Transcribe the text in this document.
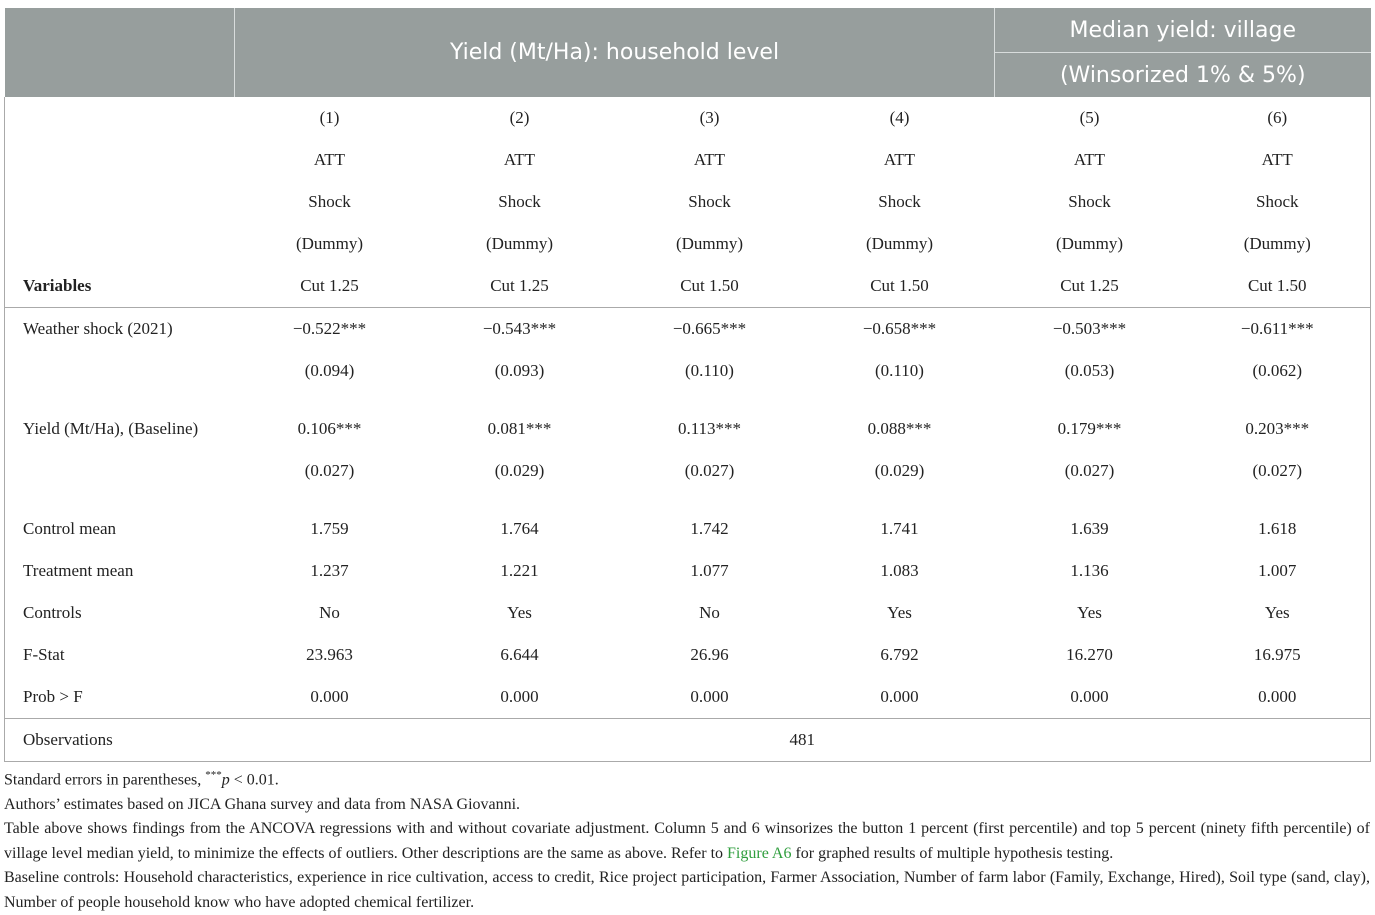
	Yield (Mt/Ha): household level				Median yield: village	
					(Winsorized 1% & 5%)	
	(1)	(2)	(3)	(4)	(5)	(6)
	ATT	ATT	ATT	ATT	ATT	ATT
	Shock	Shock	Shock	Shock	Shock	Shock
	(Dummy)	(Dummy)	(Dummy)	(Dummy)	(Dummy)	(Dummy)
Variables	Cut 1.25	Cut 1.25	Cut 1.50	Cut 1.50	Cut 1.25	Cut 1.50
Weather shock (2021)	−0.522***	−0.543***	−0.665***	−0.658***	−0.503***	−0.611***
	(0.094)	(0.093)	(0.110)	(0.110)	(0.053)	(0.062)

Yield (Mt/Ha), (Baseline)	0.106***	0.081***	0.113***	0.088***	0.179***	0.203***
	(0.027)	(0.029)	(0.027)	(0.029)	(0.027)	(0.027)

Control mean	1.759	1.764	1.742	1.741	1.639	1.618
Treatment mean	1.237	1.221	1.077	1.083	1.136	1.007
Controls	No	Yes	No	Yes	Yes	Yes
F-Stat	23.963	6.644	26.96	6.792	16.270	16.975
Prob > F	0.000	0.000	0.000	0.000	0.000	0.000
Observations	481					

Standard errors in parentheses, ***p < 0.01.

Authors’ estimates based on JICA Ghana survey and data from NASA Giovanni.

Table above shows findings from the ANCOVA regressions with and without covariate adjustment. Column 5 and 6 winsorizes the button 1 percent (first percentile) and top 5 percent (ninety fifth percentile) of village level median yield, to minimize the effects of outliers. Other descriptions are the same as above. Refer to Figure A6 for graphed results of multiple hypothesis testing.

Baseline controls: Household characteristics, experience in rice cultivation, access to credit, Rice project participation, Farmer Association, Number of farm labor (Family, Exchange, Hired), Soil type (sand, clay), Number of people household know who have adopted chemical fertilizer.
